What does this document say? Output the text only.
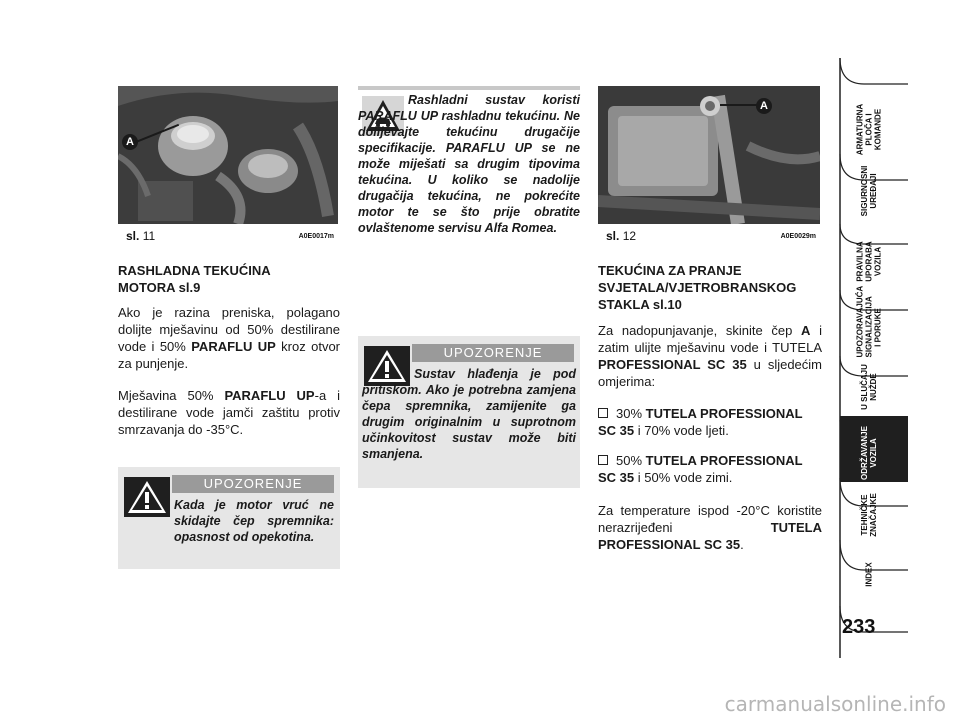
A
sl. 11	A0E0017m
RASHLADNA TEKUĆINA
MOTORA sl.9
Ako je razina preniska, polagano dolijte mješavinu od 50% destilirane vode i 50% PARAFLU UP kroz otvor za punjenje.
Mješavina 50% PARAFLU UP-a i destilirane vode jamči zaštitu protiv smrzavanja do -35°C.
UPOZORENJE
Kada je motor vruć ne skidajte čep spremnika: opasnost od opekotina.
Rashladni sustav koristi PARAFLU UP rashladnu tekućinu. Ne dolijevajte tekućinu drugačije specifikacije. PARAFLU UP se ne može miješati sa drugim tipovima tekućina. U koliko se nadolije drugačija tekućina, ne pokrećite motor te se što prije obratite ovlaštenome servisu Alfa Romea.
UPOZORENJE
Sustav hlađenja je pod pritiskom. Ako je potrebna zamjena čepa spremnika, zamijenite ga drugim originalnim u suprotnom učinkovitost sustav može biti smanjena.
A
sl. 12	A0E0029m
TEKUĆINA ZA PRANJE
SVJETALA/VJETROBRANSKOG
STAKLA sl.10
Za nadopunjavanje, skinite čep A i zatim ulijte mješavinu vode i TUTELA PROFESSIONAL SC 35 u sljedećim omjerima:
30% TUTELA PROFESSIONAL SC 35 i 70% vode ljeti.
50% TUTELA PROFESSIONAL SC 35 i 50% vode zimi.
Za temperature ispod -20°C koristite nerazrijeđeni TUTELA PROFESSIONAL SC 35.
ARMATURNA PLOČA I KOMANDE
SIGURNOSNI UREĐAJI
PRAVILNA UPORABA VOZILA
UPOZORAVAJUĆA SIGNALIZACIJA I PORUKE
U SLUČAJU NUŽDE
ODRŽAVANJE VOZILA
TEHNIČKE ZNAČAJKE
INDEX
233
carmanualsonline.info
